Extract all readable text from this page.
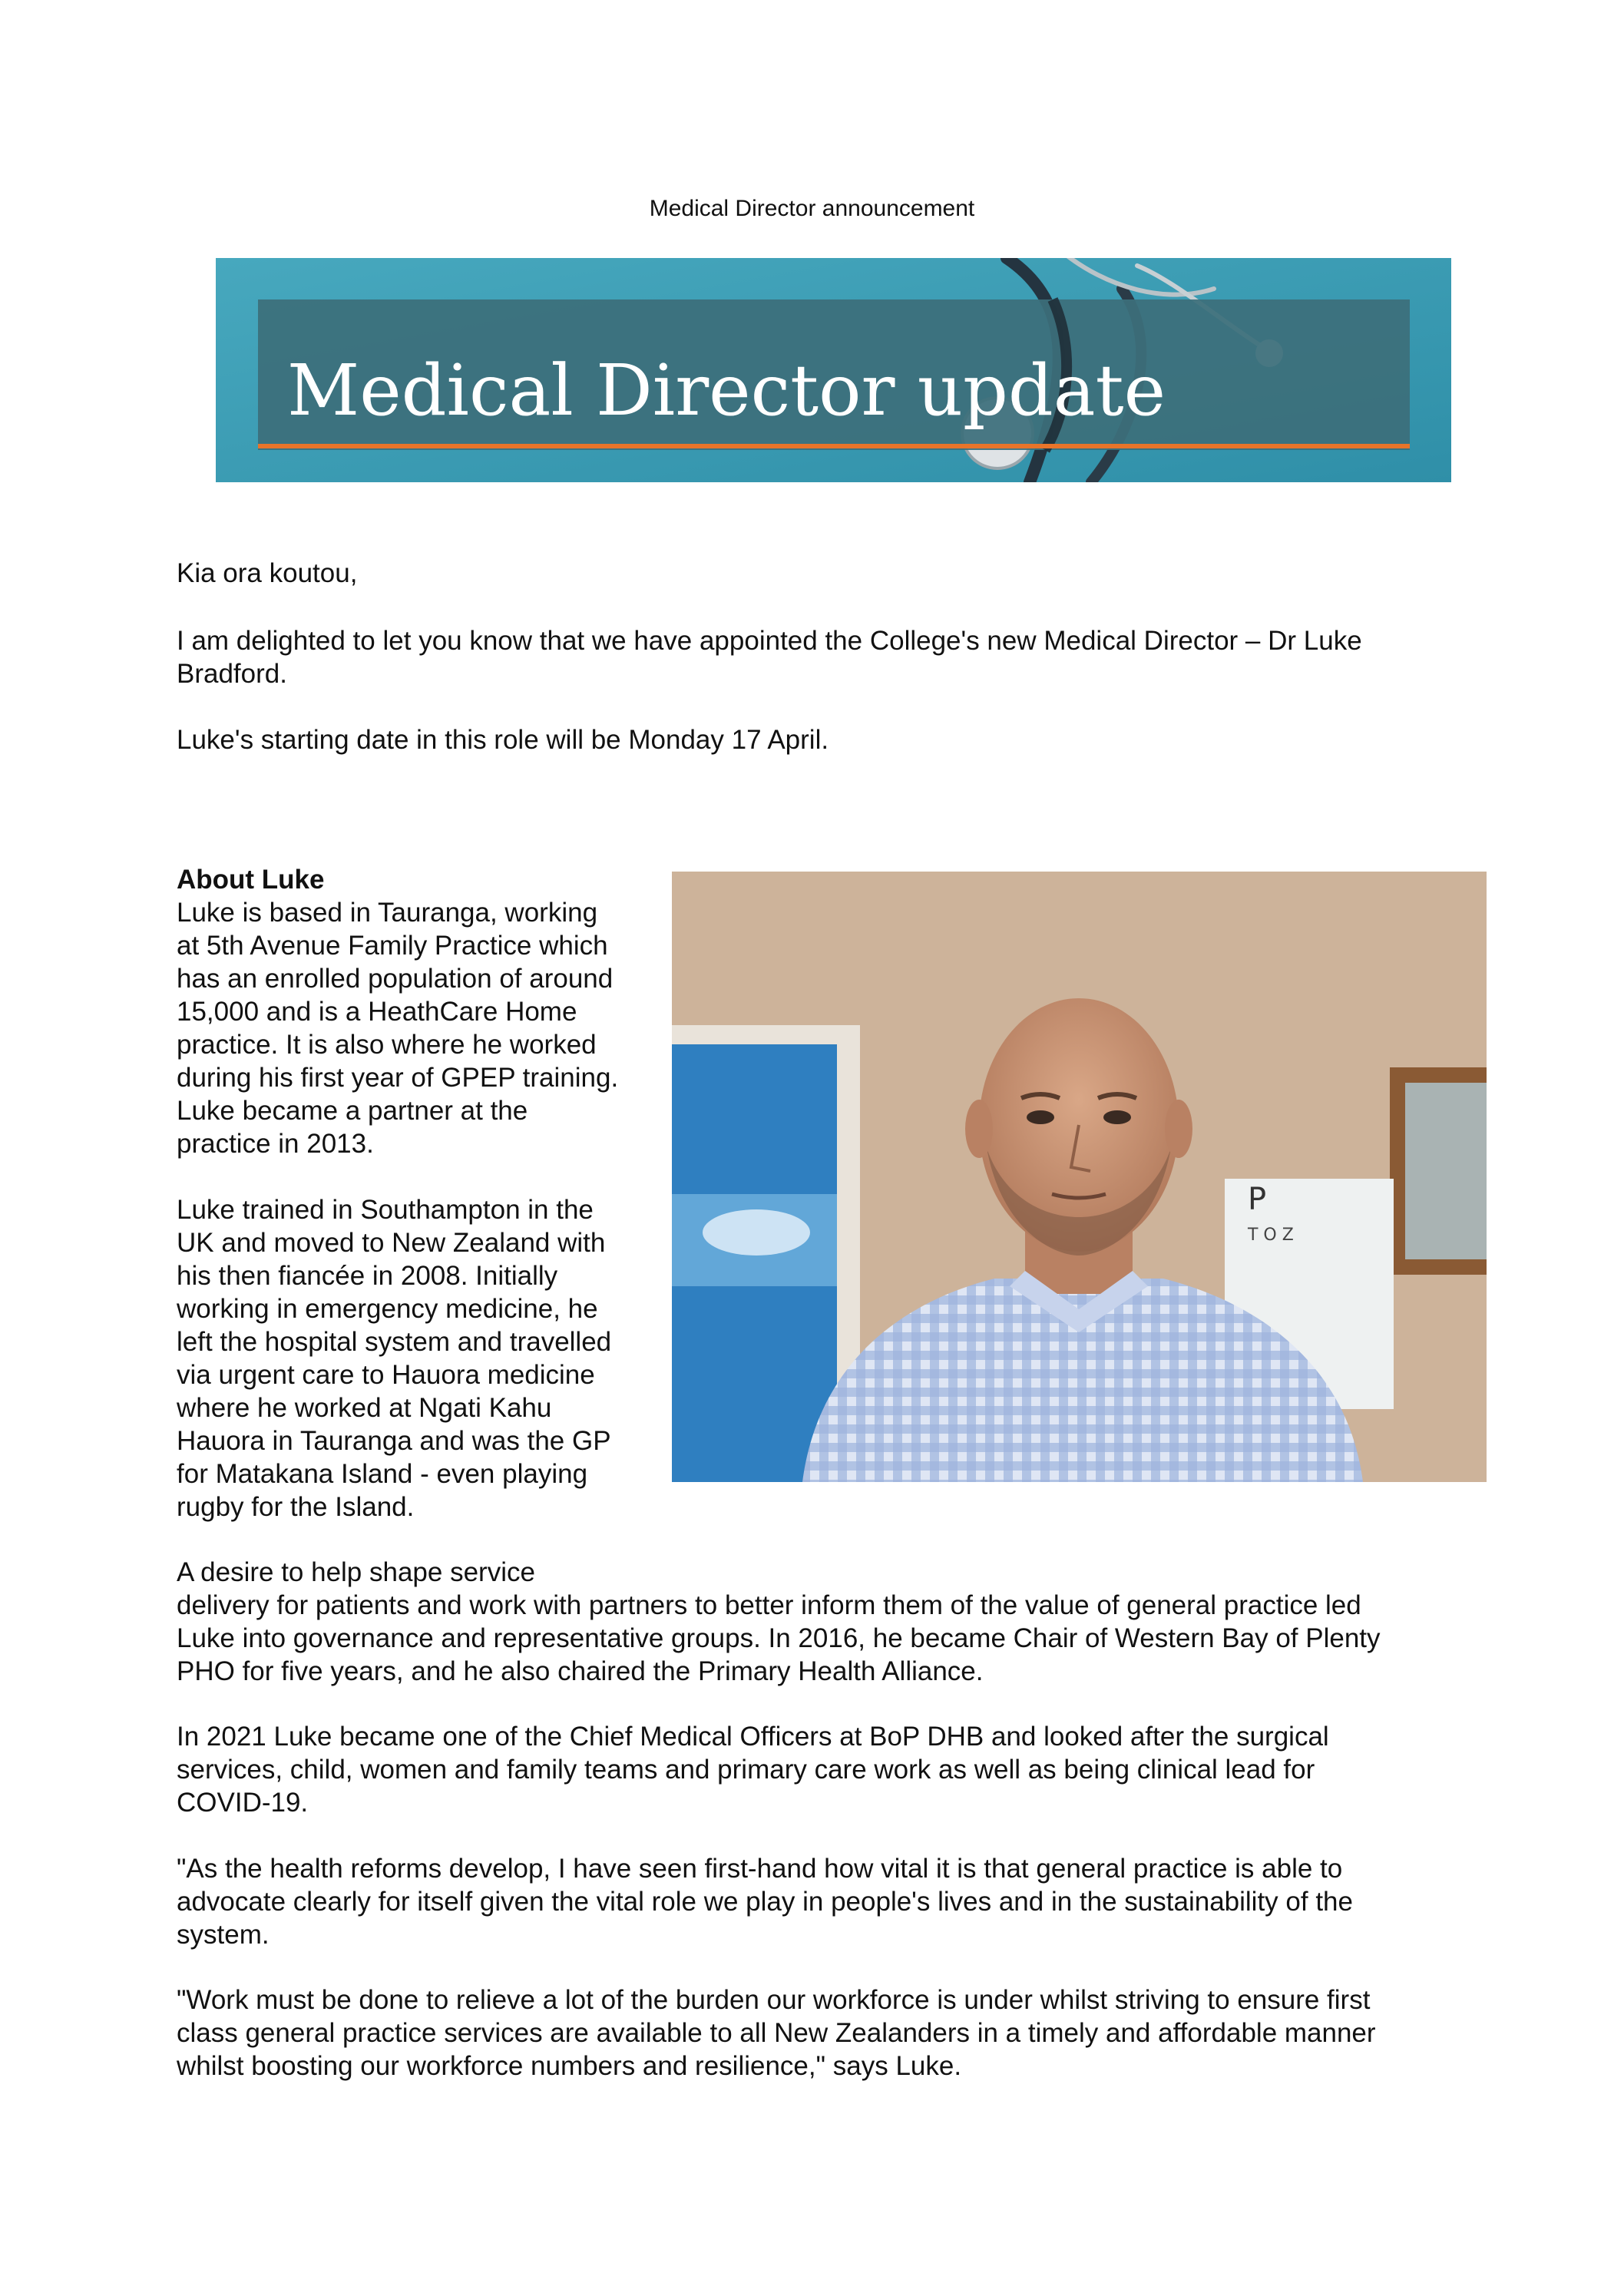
Medical Director announcement
Medical Director update

Kia ora koutou,

I am delighted to let you know that we have appointed the College's new Medical Director – Dr Luke
Bradford.

Luke's starting date in this role will be Monday 17 April.

About Luke
Luke is based in Tauranga, working
at 5th Avenue Family Practice which
has an enrolled population of around
15,000 and is a HeathCare Home
practice. It is also where he worked
during his first year of GPEP training.
Luke became a partner at the
practice in 2013.
Luke trained in Southampton in the
UK and moved to New Zealand with
his then fiancée in 2008. Initially
working in emergency medicine, he
left the hospital system and travelled
via urgent care to Hauora medicine
where he worked at Ngati Kahu
Hauora in Tauranga and was the GP
for Matakana Island - even playing
rugby for the Island.
A desire to help shape service
delivery for patients and work with partners to better inform them of the value of general practice led
Luke into governance and representative groups. In 2016, he became Chair of Western Bay of Plenty
PHO for five years, and he also chaired the Primary Health Alliance.
In 2021 Luke became one of the Chief Medical Officers at BoP DHB and looked after the surgical
services, child, women and family teams and primary care work as well as being clinical lead for
COVID-19.
"As the health reforms develop, I have seen first-hand how vital it is that general practice is able to
advocate clearly for itself given the vital role we play in people's lives and in the sustainability of the
system.
"Work must be done to relieve a lot of the burden our workforce is under whilst striving to ensure first
class general practice services are available to all New Zealanders in a timely and affordable manner
whilst boosting our workforce numbers and resilience," says Luke.
P
T O Z
